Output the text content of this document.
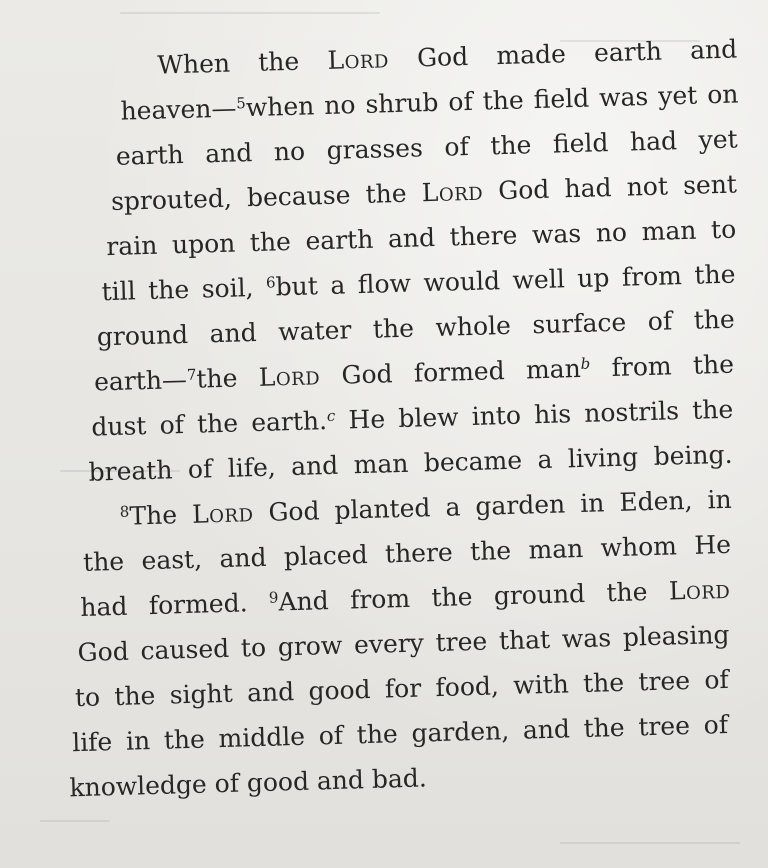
When the Lord God made earth and
heaven—$^5$when no shrub of the field was yet on
earth and no grasses of the field had yet
sprouted, because the Lord God had not sent
rain upon the earth and there was no man to
till the soil, $^6$but a flow would well up from the
ground and water the whole surface of the
earth—$^7$the Lord God formed man$^b$ from the
dust of the earth.$^c$ He blew into his nostrils the
breath of life, and man became a living being.
$^8$The Lord God planted a garden in Eden, in
the east, and placed there the man whom He
had formed. $^9$And from the ground the Lord
God caused to grow every tree that was pleasing
to the sight and good for food, with the tree of
life in the middle of the garden, and the tree of
knowledge of good and bad.
